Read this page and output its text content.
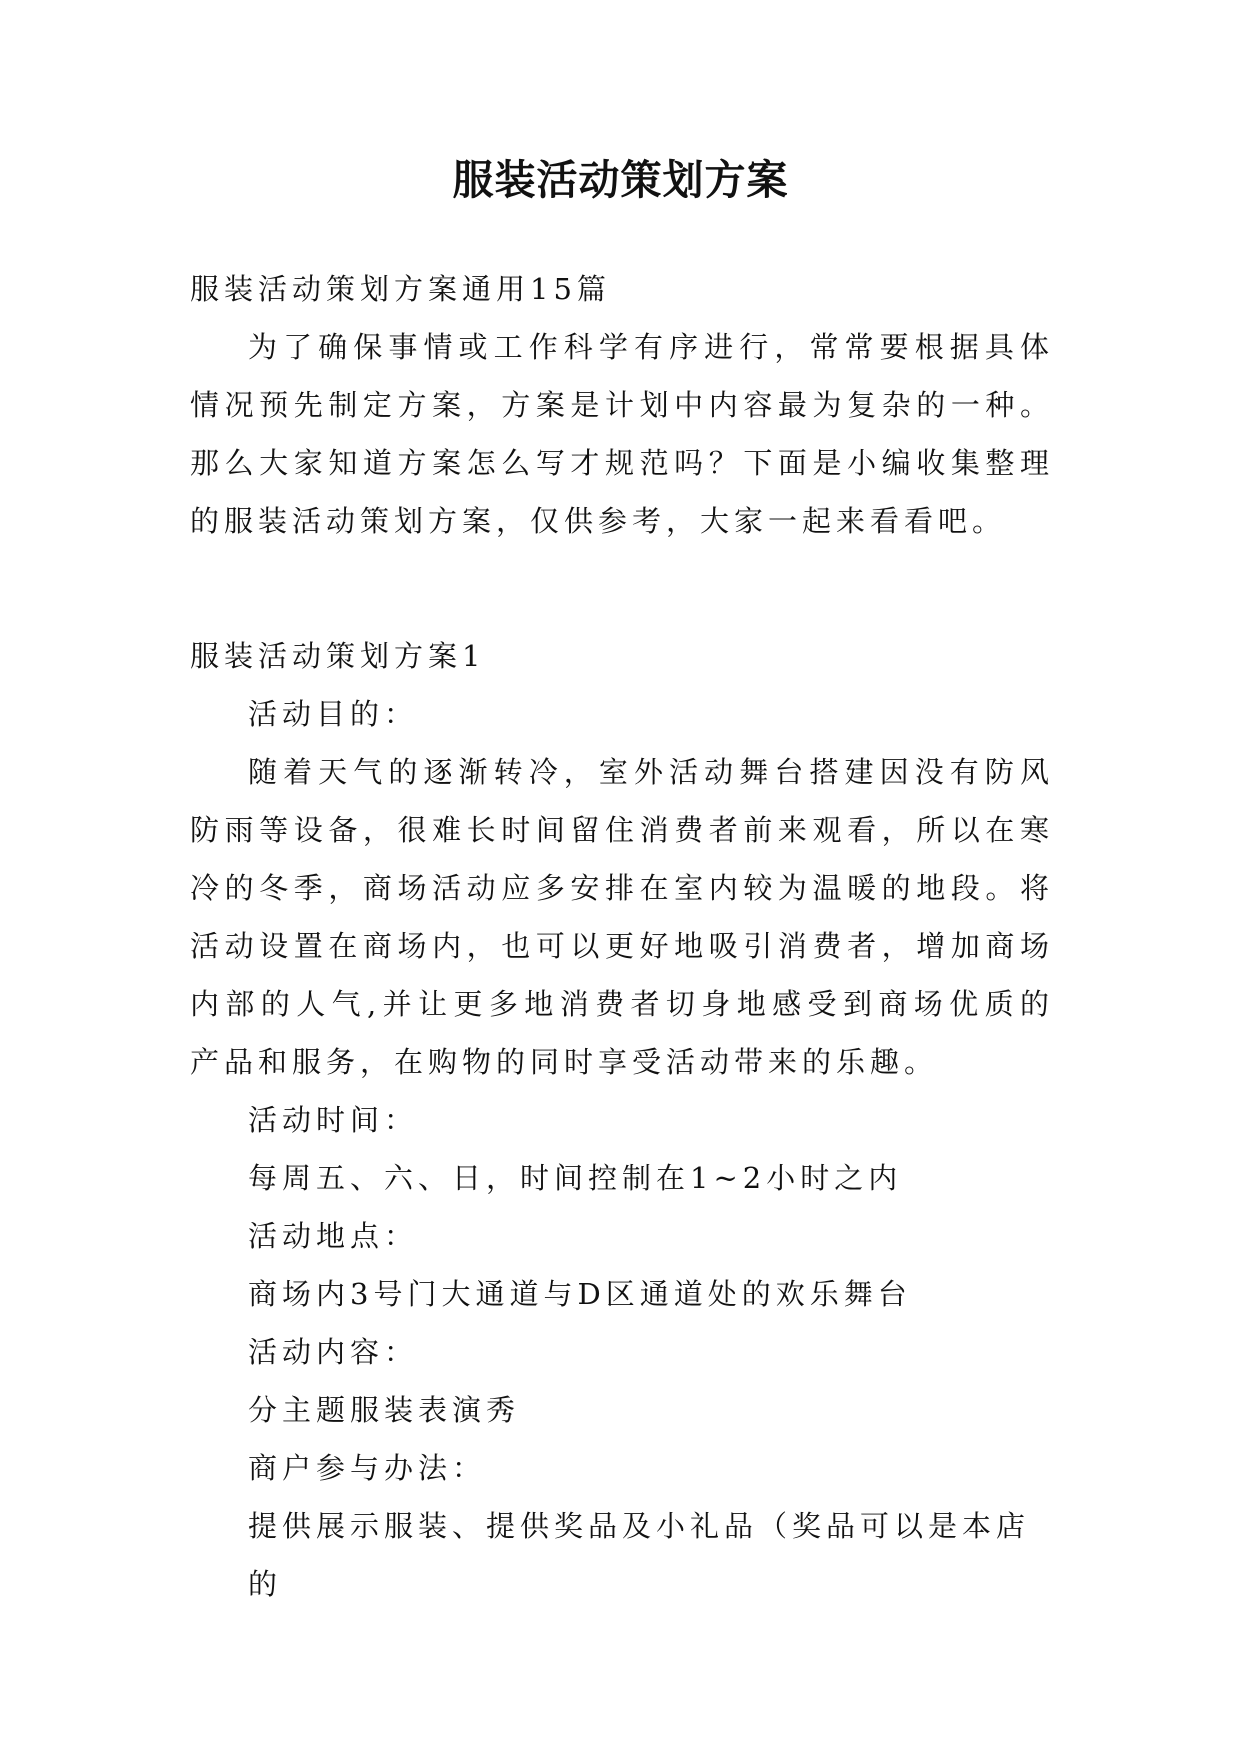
服装活动策划方案

服装活动策划方案通用15篇

为了确保事情或工作科学有序进行，常常要根据具体情况预先制定方案，方案是计划中内容最为复杂的一种。那么大家知道方案怎么写才规范吗？下面是小编收集整理的服装活动策划方案，仅供参考，大家一起来看看吧。

服装活动策划方案1

活动目的：

随着天气的逐渐转冷，室外活动舞台搭建因没有防风防雨等设备，很难长时间留住消费者前来观看，所以在寒冷的冬季，商场活动应多安排在室内较为温暖的地段。将活动设置在商场内，也可以更好地吸引消费者，增加商场内部的人气,并让更多地消费者切身地感受到商场优质的产品和服务，在购物的同时享受活动带来的乐趣。

活动时间：

每周五、六、日，时间控制在1~2小时之内

活动地点：

商场内3号门大通道与D区通道处的欢乐舞台

活动内容：

分主题服装表演秀

商户参与办法：

提供展示服装、提供奖品及小礼品（奖品可以是本店的
